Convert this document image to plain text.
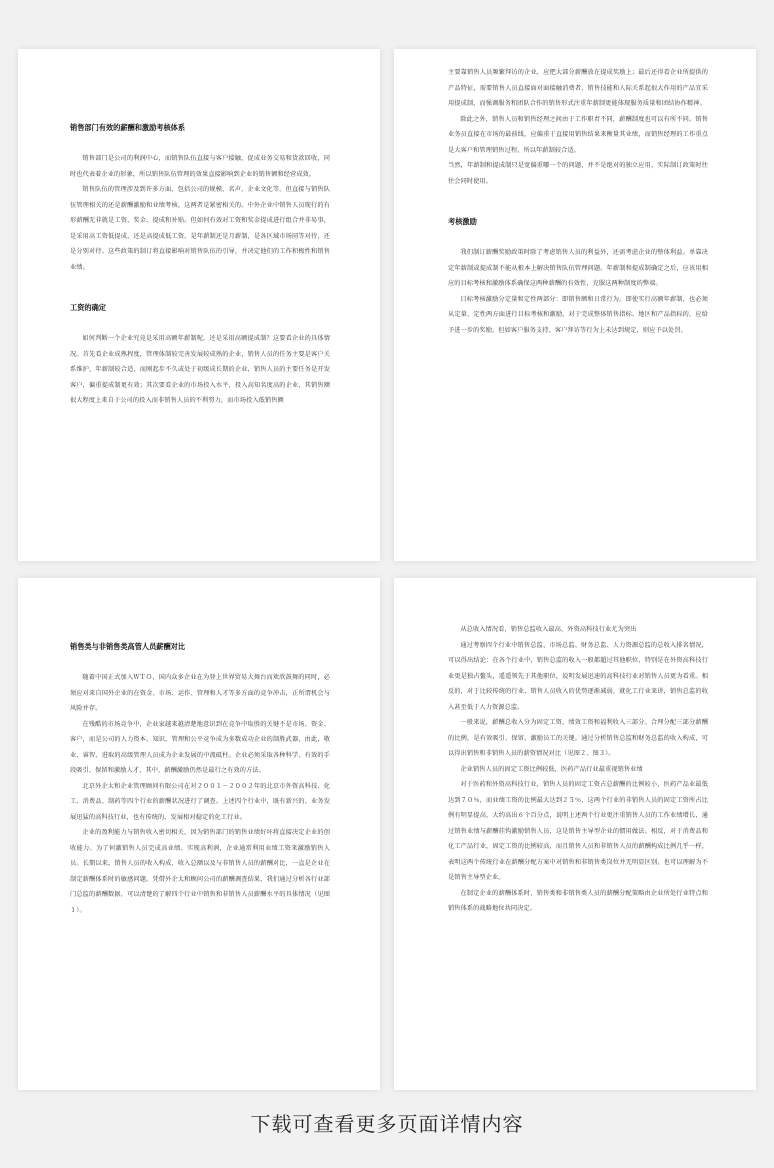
销售部门有效的薪酬和激励考核体系

销售部门是公司的利润中心，而销售队伍直接与客户接触，促成业务交易和货款回收，同时也代表着企业的形象，所以销售队伍管理的效果直接影响到企业的销售额和经营成效。

销售队伍的管理涉及到许多方面，包括公司的规模、名声、企业文化等。但直接与销售队伍管理相关的还是薪酬激励和业绩考核，这两者是紧密相关的。中外企业中销售人员现行的有形薪酬无非就是工资、奖金、提成和补贴。但如何有效对工资和奖金提成进行组合并非易事，是采用高工资低提成，还是高提成低工资，是年薪制还是月薪制，是各区域市场同等对待，还是分别对待。这些政策的制订将直接影响对销售队伍的引导，并决定他们的工作积极性和销售业绩。

工资的确定

如何判断一个企业究竟是采用高额年薪制呢，还是采用高额提成制？这要看企业的具体情况。首先看企业成熟程度，管理体制较完善发展较成熟的企业，销售人员的任务主要是客户关系维护，年薪制较合适，而刚起步不久或处于初级成长期的企业，销售人员的主要任务是开发客户，偏重提成制更有效；其次要看企业的市场投入水平，投入高知名度高的企业，其销售额很大程度上来自于公司的投入而非销售人员的不利努力，而市场投入低销售额

主要靠销售人员频繁拜访的企业，应把大部分薪酬放在提成奖励上；最后还得看企业所提供的产品特征，需要销售人员直接面对面接触消费者、销售技能和人际关系起很大作用的产品宜采用提成制，而强调服务和团队合作的销售形式注重年薪制更能体现服务质量和团结协作精神。

除此之外，销售人员和销售经理之间由于工作职责不同，薪酬制度也可以有所不同。销售业务员直接在市场的最前线，应偏重于直接用销售结果来衡量其业绩，而销售经理的工作重点是大客户和管理销售过程，所以年薪制较合适。

当然，年薪制和提成制只是宽偏重哪一个的问题，并不是绝对的独立应用，实际制订政策时往往会同时使用。

考核激励

我们制订薪酬奖励政策时除了考虑销售人员的利益外，还需考虑企业的整体利益。单靠决定年薪制或提成制不能从根本上解决销售队伍管理问题。年薪制和提成制确定之后，应该用相应的目标考核和激励体系确保这两种薪酬的有效性，克服这两种制度的弊端。

目标考核激励分定量和定性两部分：即销售额和日常行为。即使实行高额年薪制，也必须从定量、定性两方面进行目标考核和激励，对于完成整体销售指标、地区和产品指标的，应给予进一步的奖励，但如客户服务支持、客户拜访等行为上未达到规定，则应予以处罚。

销售类与非销售类高管人员薪酬对比

随着中国正式加入ＷＴＯ，国内众多企业在为登上世界贸易大舞台而欢欣鼓舞的同时，必须应对来自国外企业的在资金、市场、运作、管理和人才等多方面的竞争冲击，正所谓机会与风险并存。

在残酷的市场竞争中，企业家越来越清楚地意识到在竞争中取胜的关键不是市场、资金、客户，而是公司的人力资本。知识、管理和公平竞争成为多数成功企业的制胜武器，由此，敬业、睿智、进取的高级管理人员成为企业发展的中流砥柱。企业必须采取各种科学、有效的手段吸引、保留和激励人才，其中，薪酬激励仍然是最行之有效的方法。

北京外企太和企业管理顾问有限公司在对２００１－２００２年的北京市外资高科技、化工、消费品、制药等四个行业的薪酬状况进行了调查。上述四个行业中，既有新兴的、业务发展迅猛的高科技行业，也有传统的、发展相对稳定的化工行业。

企业的盈利能力与销售收入密切相关，因为销售部门的销售业绩好坏将直接决定企业的创收能力。为了何激销售人员完成高业绩、实现高利润，企业通常利用业绩工资来激励销售人员。长期以来，销售人员的收入构成、收入总额以及与非销售人员的薪酬对比，一直是企业在制定薪酬体系时的敏感问题。凭借外企太和顾问公司的薪酬调查结果，我们通过分析各行业部门总监的薪酬数据，可以清楚的了解四个行业中销售和非销售人员薪酬水平的具体情况（见图１）。

从总收入情况看，销售总监收入最高，外资高科技行业尤为突出

通过考察四个行业中销售总监、市场总监、财务总监、人力资源总监的总收入排名情况，可以得出结论：在各个行业中，销售总监的收入一般都超过其他职位，特别是在外资高科技行业更是独占鳌头，遥遥领先于其他职位，说明发展迅速的高科技行业对销售人员更为看重。相反的，对于比较传统的行业，销售人员收入的优势逐渐减弱，就化工行业来讲，销售总监的收入甚至低于人力资源总监。

一般来说，薪酬总收入分为固定工资、绩效工资和福利收入三部分。合理分配三部分薪酬的比例，是有效吸引、保留、激励员工的关键。通过分析销售总监和财务总监的收入构成，可以得出销售和非销售人员的薪资情况对比（见图２、图３）。

企业销售人员的固定工资比例较低，医药产品行业最重视销售业绩

对于医药和外资高科技行业，销售人员的固定工资占总薪酬的比例较小，医药产品业最低达到７０％，而业绩工资的比例最大达到２５％，这两个行业的非销售人员的固定工资所占比例有明显提高，大约高出６个百分点，说明上述两个行业更注重销售人员的工作业绩增长，通过销售业绩与薪酬挂钩激励销售人员，这是销售主导型企业的惯用做法。相反，对于消费品和化工产品行业，固定工资的比例较高，而且销售人员和非销售人员的薪酬构成比例几乎一样，表明这两个传统行业在薪酬分配方案中对销售和非销售类岗位并无明显区别，也可以理解为不是销售主导型企业。

在制定企业的薪酬体系时，销售类和非销售类人员的薪酬分配策略由企业所处行业特点和销售体系的战略地位共同决定。

下载可查看更多页面详情内容
